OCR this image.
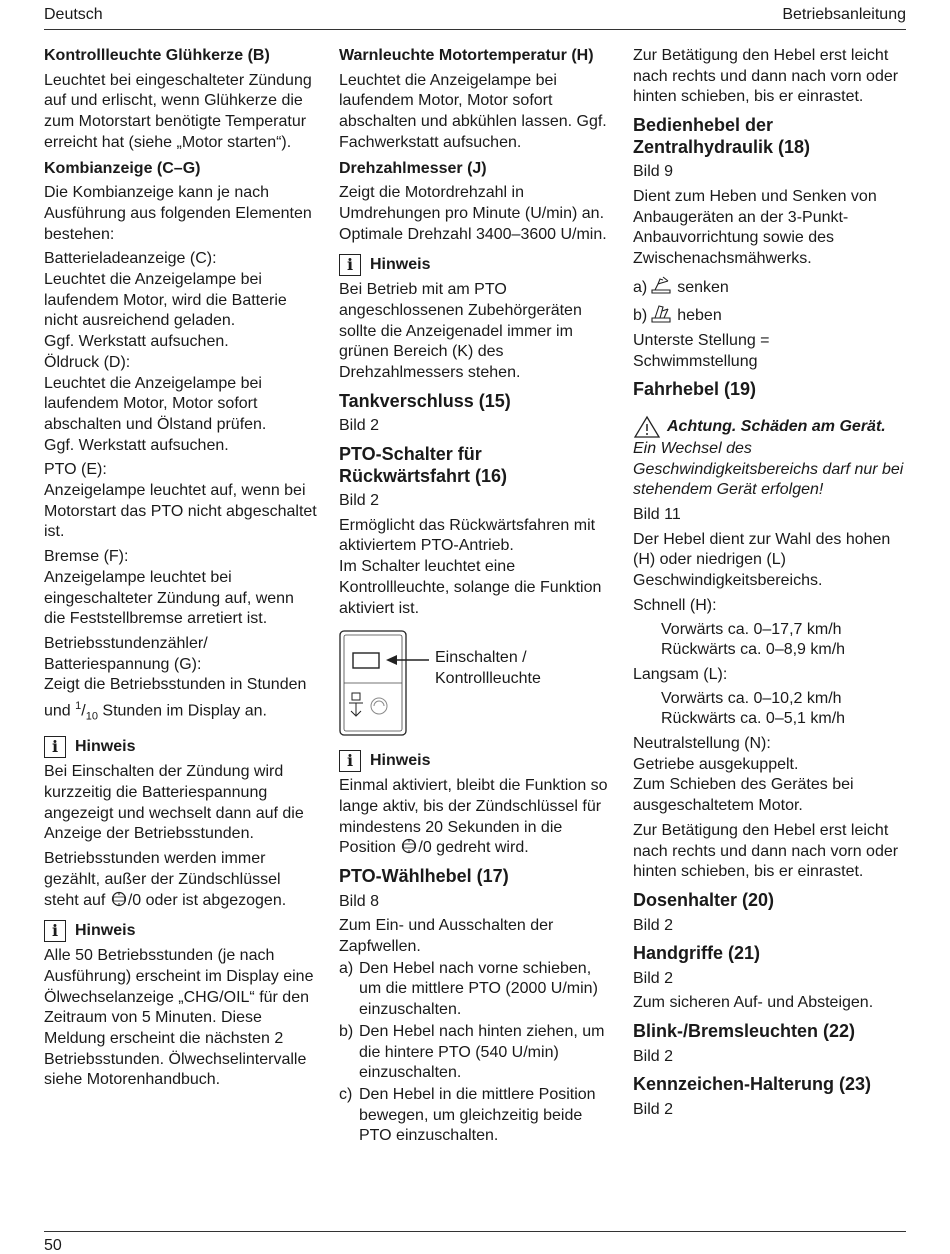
Deutsch	Betriebsanleitung
Kontrollleuchte Glühkerze (B)
Leuchtet bei eingeschalteter Zündung auf und erlischt, wenn Glühkerze die zum Motorstart benötigte Temperatur erreicht hat (siehe „Motor starten“).
Kombianzeige (C–G)
Die Kombianzeige kann je nach Ausführung aus folgenden Elementen bestehen:
Batterieladeanzeige (C):
Leuchtet die Anzeigelampe bei laufendem Motor, wird die Batterie nicht ausreichend geladen.
Ggf. Werkstatt aufsuchen.
Öldruck (D):
Leuchtet die Anzeigelampe bei laufendem Motor, Motor sofort abschalten und Ölstand prüfen.
Ggf. Werkstatt aufsuchen.
PTO (E):
Anzeigelampe leuchtet auf, wenn bei Motorstart das PTO nicht abgeschaltet ist.
Bremse (F):
Anzeigelampe leuchtet bei eingeschalteter Zündung auf, wenn die Feststellbremse arretiert ist.
Betriebsstundenzähler/
Batteriespannung (G):
Zeigt die Betriebsstunden in Stunden und $^1/_{10}$ Stunden im Display an.
i	Hinweis
Bei Einschalten der Zündung wird kurzzeitig die Batteriespannung angezeigt und wechselt dann auf die Anzeige der Betriebsstunden.
Betriebsstunden werden immer gezählt, außer der Zündschlüssel steht auf /0 oder ist abgezogen.
i	Hinweis
Alle 50 Betriebsstunden (je nach Ausführung) erscheint im Display eine Ölwechselanzeige „CHG/OIL“ für den Zeitraum von 5 Minuten. Diese Meldung erscheint die nächsten 2 Betriebsstunden. Ölwechselintervalle siehe Motorenhandbuch.
Warnleuchte Motortemperatur (H)
Leuchtet die Anzeigelampe bei laufendem Motor, Motor sofort abschalten und abkühlen lassen. Ggf. Fachwerkstatt aufsuchen.
Drehzahlmesser (J)
Zeigt die Motordrehzahl in Umdrehungen pro Minute (U/min) an. Optimale Drehzahl 3400–3600 U/min.
i	Hinweis
Bei Betrieb mit am PTO angeschlossenen Zubehörgeräten sollte die Anzeigenadel immer im grünen Bereich (K) des Drehzahlmessers stehen.
Tankverschluss (15)
Bild 2
PTO-Schalter für Rückwärtsfahrt (16)
Bild 2
Ermöglicht das Rückwärtsfahren mit aktiviertem PTO-Antrieb.
Im Schalter leuchtet eine Kontrollleuchte, solange die Funktion aktiviert ist.
Einschalten /
Kontrollleuchte
i	Hinweis
Einmal aktiviert, bleibt die Funktion so lange aktiv, bis der Zündschlüssel für mindestens 20 Sekunden in die Position /0 gedreht wird.
PTO-Wählhebel (17)
Bild 8
Zum Ein- und Ausschalten der Zapfwellen.
a) Den Hebel nach vorne schieben, um die mittlere PTO (2000 U/min) einzuschalten.
b) Den Hebel nach hinten ziehen, um die hintere PTO (540 U/min) einzuschalten.
c) Den Hebel in die mittlere Position bewegen, um gleichzeitig beide PTO einzuschalten.
Zur Betätigung den Hebel erst leicht nach rechts und dann nach vorn oder hinten schieben, bis er einrastet.
Bedienhebel der Zentralhydraulik (18)
Bild 9
Dient zum Heben und Senken von Anbaugeräten an der 3-Punkt-Anbauvorrichtung sowie des Zwischenachsmähwerks.
a) senken
b) heben
Unterste Stellung =
Schwimmstellung
Fahrhebel (19)
Achtung. Schäden am Gerät.
Ein Wechsel des Geschwindigkeitsbereichs darf nur bei stehendem Gerät erfolgen!
Bild 11
Der Hebel dient zur Wahl des hohen (H) oder niedrigen (L) Geschwindigkeitsbereichs.
Schnell (H):
Vorwärts ca. 0–17,7 km/h
Rückwärts ca. 0–8,9 km/h
Langsam (L):
Vorwärts ca. 0–10,2 km/h
Rückwärts ca. 0–5,1 km/h
Neutralstellung (N):
Getriebe ausgekuppelt.
Zum Schieben des Gerätes bei ausgeschaltetem Motor.
Zur Betätigung den Hebel erst leicht nach rechts und dann nach vorn oder hinten schieben, bis er einrastet.
Dosenhalter (20)
Bild 2
Handgriffe (21)
Bild 2
Zum sicheren Auf- und Absteigen.
Blink-/Bremsleuchten (22)
Bild 2
Kennzeichen-Halterung (23)
Bild 2
50
